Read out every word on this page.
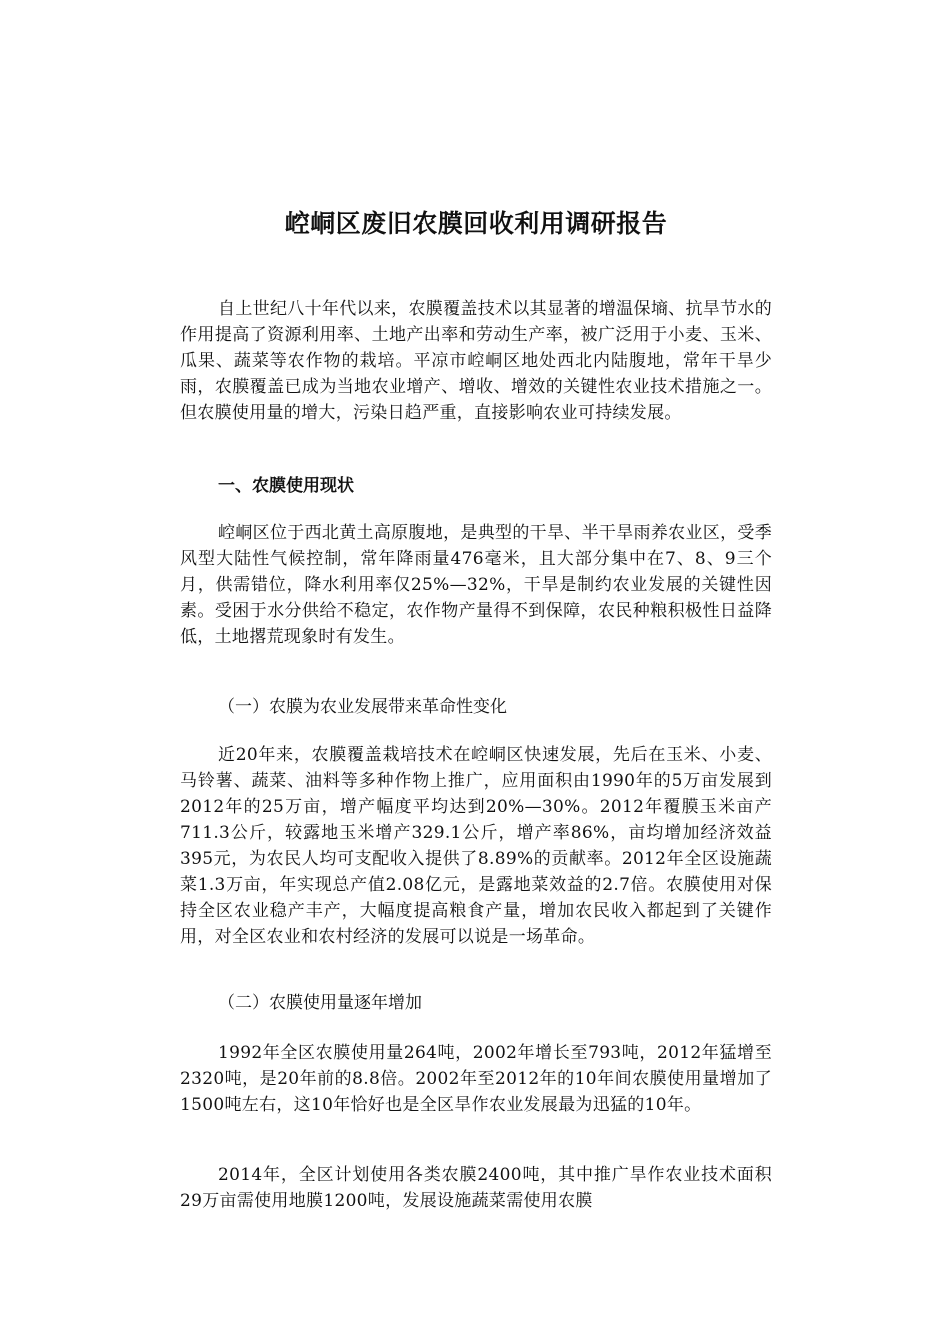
崆峒区废旧农膜回收利用调研报告

自上世纪八十年代以来，农膜覆盖技术以其显著的增温保墒、抗旱节水的作用提高了资源利用率、土地产出率和劳动生产率，被广泛用于小麦、玉米、瓜果、蔬菜等农作物的栽培。平凉市崆峒区地处西北内陆腹地，常年干旱少雨，农膜覆盖已成为当地农业增产、增收、增效的关键性农业技术措施之一。但农膜使用量的增大，污染日趋严重，直接影响农业可持续发展。

一、农膜使用现状

崆峒区位于西北黄土高原腹地，是典型的干旱、半干旱雨养农业区，受季风型大陆性气候控制，常年降雨量476毫米，且大部分集中在7、8、9三个月，供需错位，降水利用率仅25%—32%，干旱是制约农业发展的关键性因素。受困于水分供给不稳定，农作物产量得不到保障，农民种粮积极性日益降低，土地撂荒现象时有发生。

（一）农膜为农业发展带来革命性变化

近20年来，农膜覆盖栽培技术在崆峒区快速发展，先后在玉米、小麦、马铃薯、蔬菜、油料等多种作物上推广，应用面积由1990年的5万亩发展到2012年的25万亩，增产幅度平均达到20%—30%。2012年覆膜玉米亩产711.3公斤，较露地玉米增产329.1公斤，增产率86%，亩均增加经济效益395元，为农民人均可支配收入提供了8.89%的贡献率。2012年全区设施蔬菜1.3万亩，年实现总产值2.08亿元，是露地菜效益的2.7倍。农膜使用对保持全区农业稳产丰产，大幅度提高粮食产量，增加农民收入都起到了关键作用，对全区农业和农村经济的发展可以说是一场革命。

（二）农膜使用量逐年增加

1992年全区农膜使用量264吨，2002年增长至793吨，2012年猛增至2320吨，是20年前的8.8倍。2002年至2012年的10年间农膜使用量增加了1500吨左右，这10年恰好也是全区旱作农业发展最为迅猛的10年。

2014年，全区计划使用各类农膜2400吨，其中推广旱作农业技术面积29万亩需使用地膜1200吨，发展设施蔬菜需使用农膜
